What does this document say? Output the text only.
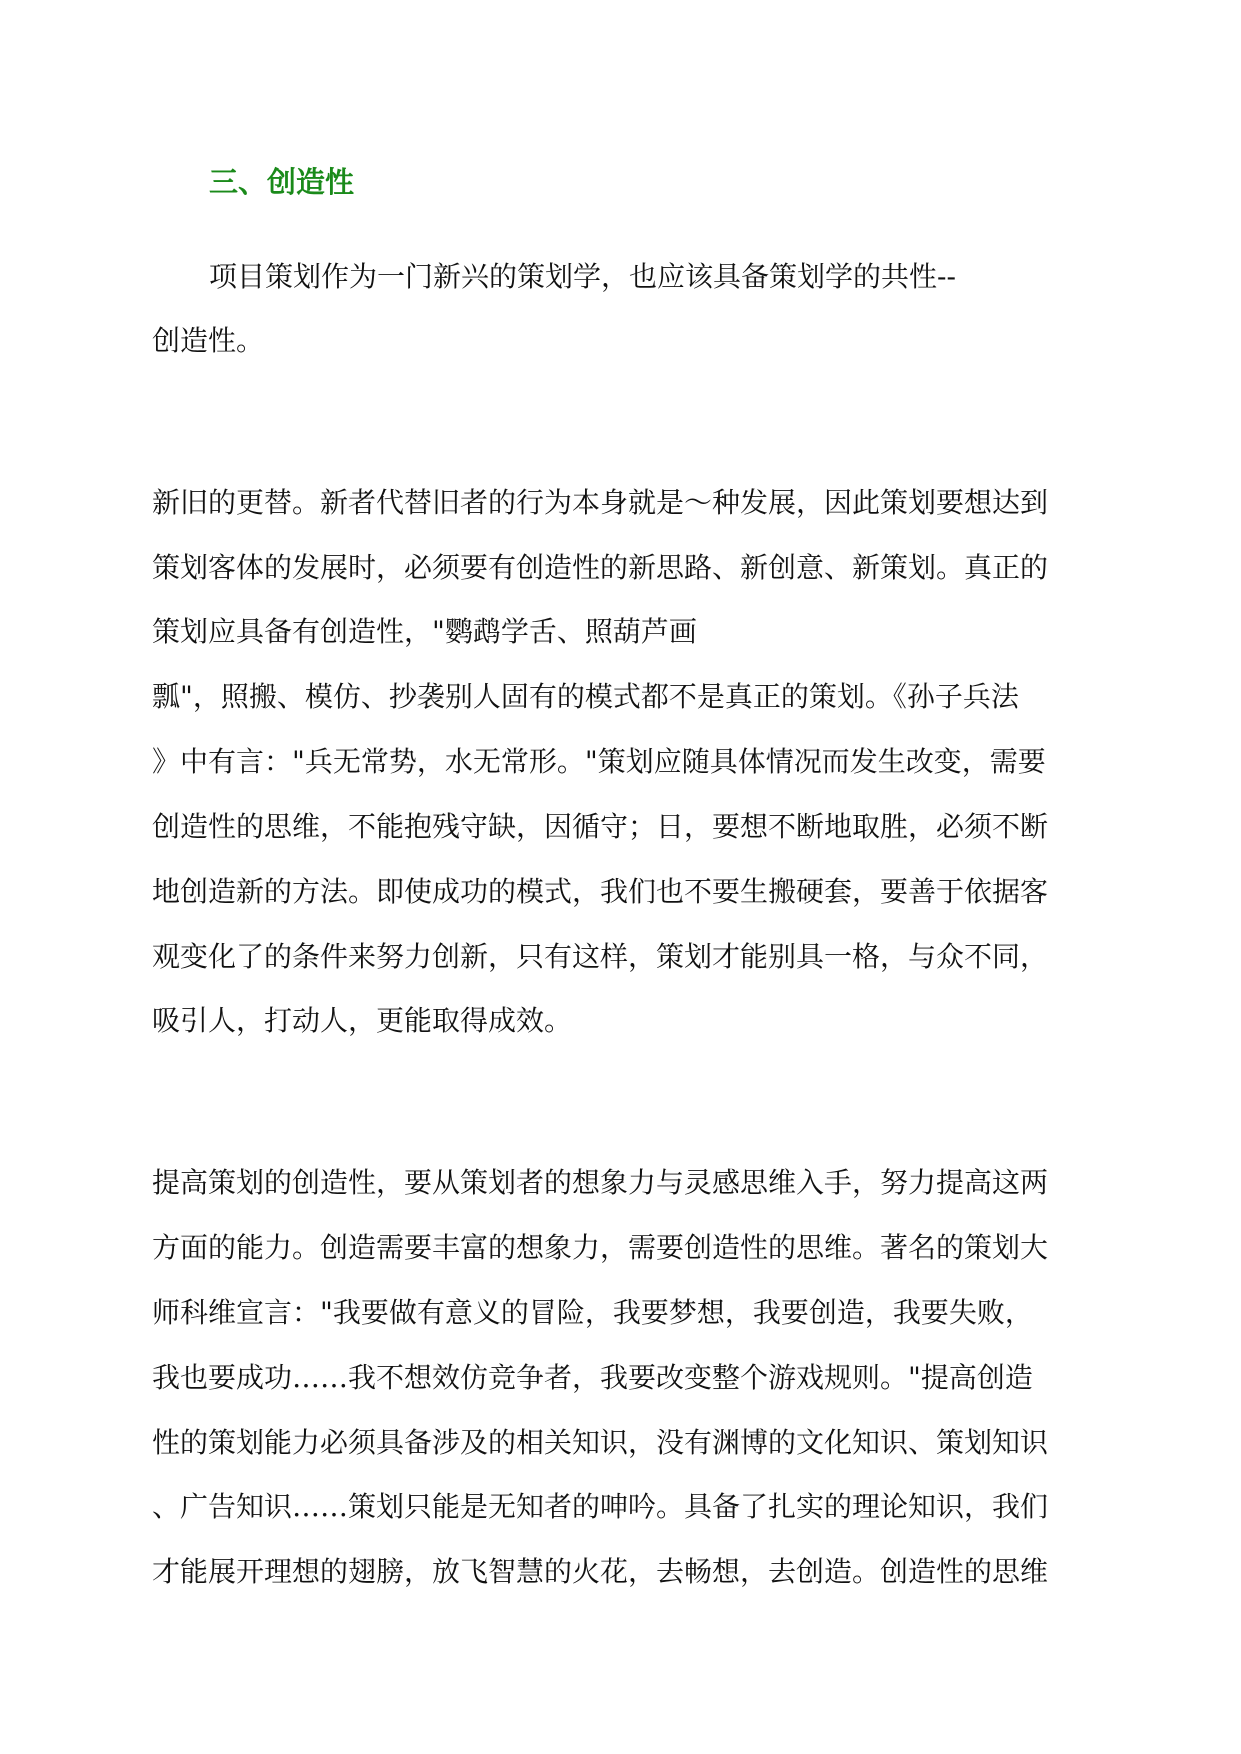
三、创造性
项目策划作为一门新兴的策划学，也应该具备策划学的共性--
创造性。
新旧的更替。新者代替旧者的行为本身就是～种发展，因此策划要想达到
策划客体的发展时，必须要有创造性的新思路、新创意、新策划。真正的
策划应具备有创造性，"鹦鹉学舌、照葫芦画
瓢"，照搬、模仿、抄袭别人固有的模式都不是真正的策划。《孙子兵法
》中有言："兵无常势，水无常形。"策划应随具体情况而发生改变，需要
创造性的思维，不能抱残守缺，因循守；日，要想不断地取胜，必须不断
地创造新的方法。即使成功的模式，我们也不要生搬硬套，要善于依据客
观变化了的条件来努力创新，只有这样，策划才能别具一格，与众不同，
吸引人，打动人，更能取得成效。
提高策划的创造性，要从策划者的想象力与灵感思维入手，努力提高这两
方面的能力。创造需要丰富的想象力，需要创造性的思维。著名的策划大
师科维宣言："我要做有意义的冒险，我要梦想，我要创造，我要失败，
我也要成功……我不想效仿竞争者，我要改变整个游戏规则。"提高创造
性的策划能力必须具备涉及的相关知识，没有渊博的文化知识、策划知识
、广告知识……策划只能是无知者的呻吟。具备了扎实的理论知识，我们
才能展开理想的翅膀，放飞智慧的火花，去畅想，去创造。创造性的思维
